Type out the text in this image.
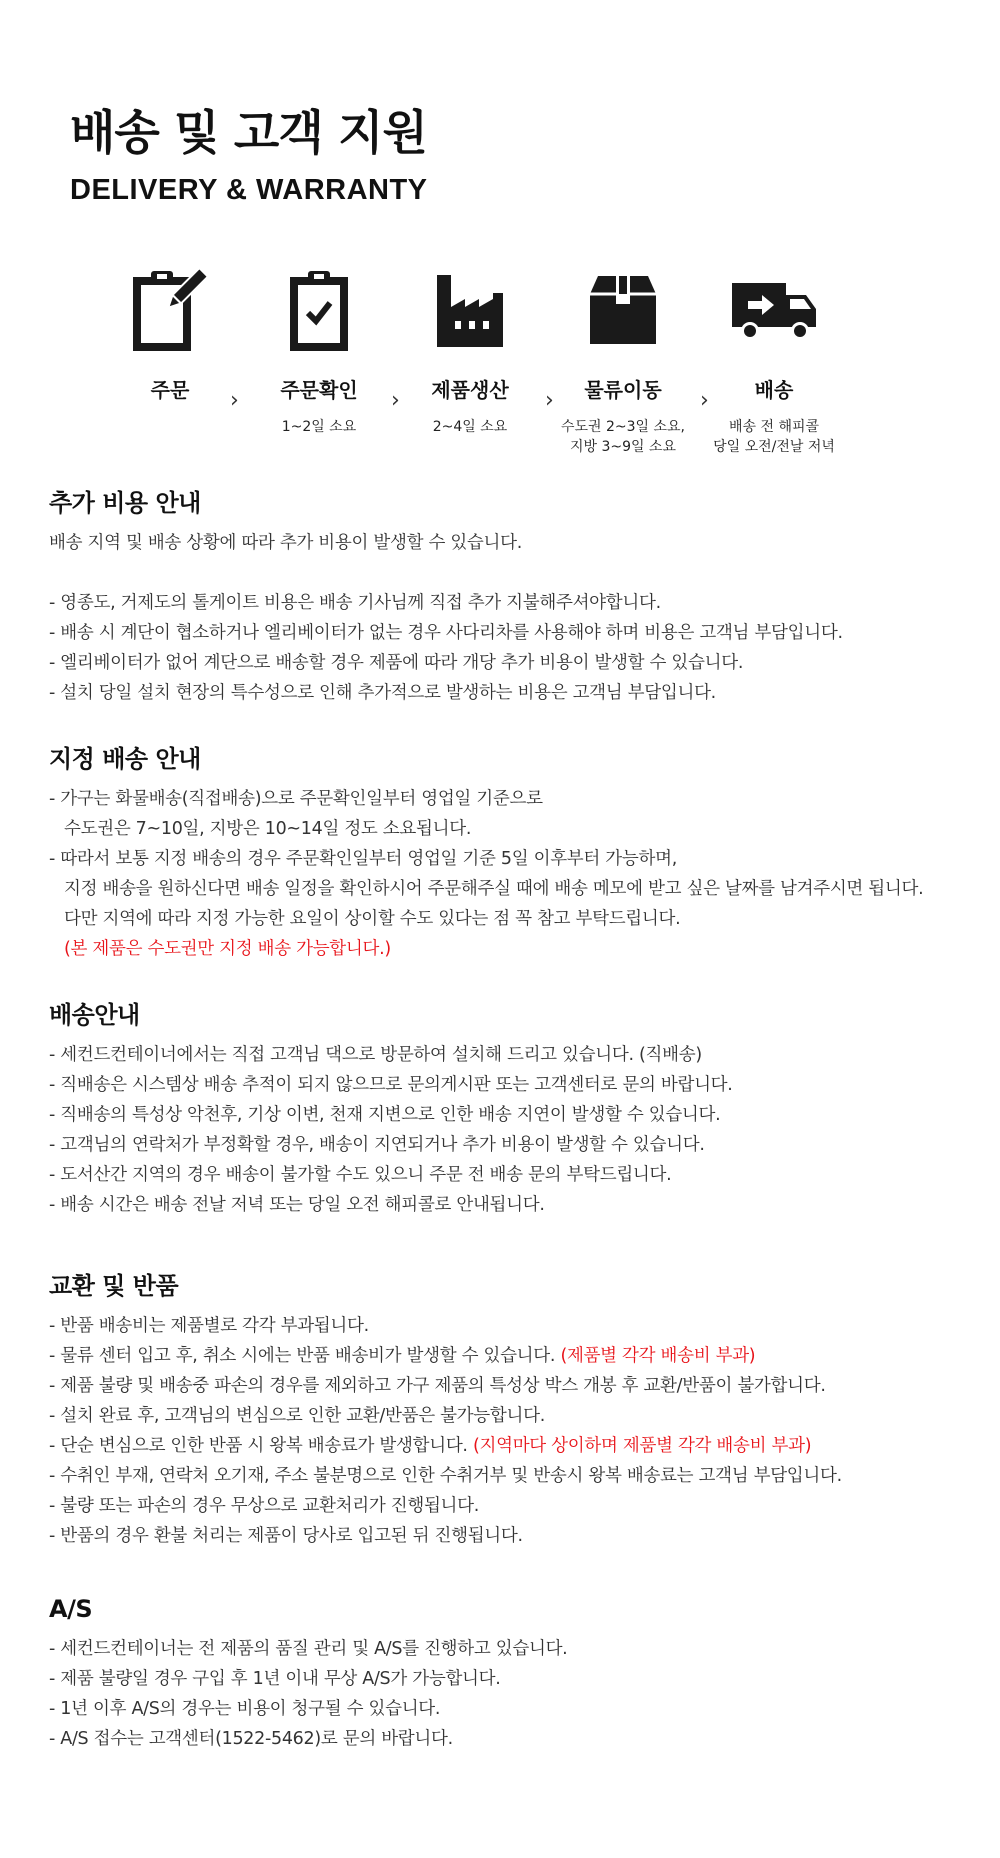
배송 및 고객 지원
DELIVERY & WARRANTY
주문	›	주문확인
1~2일 소요
›	제품생산
2~4일 소요
›	물류이동
수도권 2~3일 소요,
지방 3~9일 소요
›	배송
배송 전 해피콜
당일 오전/전날 저녁
추가 비용 안내

배송 지역 및 배송 상황에 따라 추가 비용이 발생할 수 있습니다.

- 영종도, 거제도의 톨게이트 비용은 배송 기사님께 직접 추가 지불해주셔야합니다.

- 배송 시 계단이 협소하거나 엘리베이터가 없는 경우 사다리차를 사용해야 하며 비용은 고객님 부담입니다.

- 엘리베이터가 없어 계단으로 배송할 경우 제품에 따라 개당 추가 비용이 발생할 수 있습니다.

- 설치 당일 설치 현장의 특수성으로 인해 추가적으로 발생하는 비용은 고객님 부담입니다.

지정 배송 안내

- 가구는 화물배송(직접배송)으로 주문확인일부터 영업일 기준으로

수도권은 7~10일, 지방은 10~14일 정도 소요됩니다.

- 따라서 보통 지정 배송의 경우 주문확인일부터 영업일 기준 5일 이후부터 가능하며,

지정 배송을 원하신다면 배송 일정을 확인하시어 주문해주실 때에 배송 메모에 받고 싶은 날짜를 남겨주시면 됩니다.

다만 지역에 따라 지정 가능한 요일이 상이할 수도 있다는 점 꼭 참고 부탁드립니다.

(본 제품은 수도권만 지정 배송 가능합니다.)

배송안내

- 세컨드컨테이너에서는 직접 고객님 댁으로 방문하여 설치해 드리고 있습니다. (직배송)

- 직배송은 시스템상 배송 추적이 되지 않으므로 문의게시판 또는 고객센터로 문의 바랍니다.

- 직배송의 특성상 악천후, 기상 이변, 천재 지변으로 인한 배송 지연이 발생할 수 있습니다.

- 고객님의 연락처가 부정확할 경우, 배송이 지연되거나 추가 비용이 발생할 수 있습니다.

- 도서산간 지역의 경우 배송이 불가할 수도 있으니 주문 전 배송 문의 부탁드립니다.

- 배송 시간은 배송 전날 저녁 또는 당일 오전 해피콜로 안내됩니다.

교환 및 반품

- 반품 배송비는 제품별로 각각 부과됩니다.

- 물류 센터 입고 후, 취소 시에는 반품 배송비가 발생할 수 있습니다. (제품별 각각 배송비 부과)

- 제품 불량 및 배송중 파손의 경우를 제외하고 가구 제품의 특성상 박스 개봉 후 교환/반품이 불가합니다.

- 설치 완료 후, 고객님의 변심으로 인한 교환/반품은 불가능합니다.

- 단순 변심으로 인한 반품 시 왕복 배송료가 발생합니다. (지역마다 상이하며 제품별 각각 배송비 부과)

- 수취인 부재, 연락처 오기재, 주소 불분명으로 인한 수취거부 및 반송시 왕복 배송료는 고객님 부담입니다.

- 불량 또는 파손의 경우 무상으로 교환처리가 진행됩니다.

- 반품의 경우 환불 처리는 제품이 당사로 입고된 뒤 진행됩니다.

A/S

- 세컨드컨테이너는 전 제품의 품질 관리 및 A/S를 진행하고 있습니다.

- 제품 불량일 경우 구입 후 1년 이내 무상 A/S가 가능합니다.

- 1년 이후 A/S의 경우는 비용이 청구될 수 있습니다.

- A/S 접수는 고객센터(1522-5462)로 문의 바랍니다.
